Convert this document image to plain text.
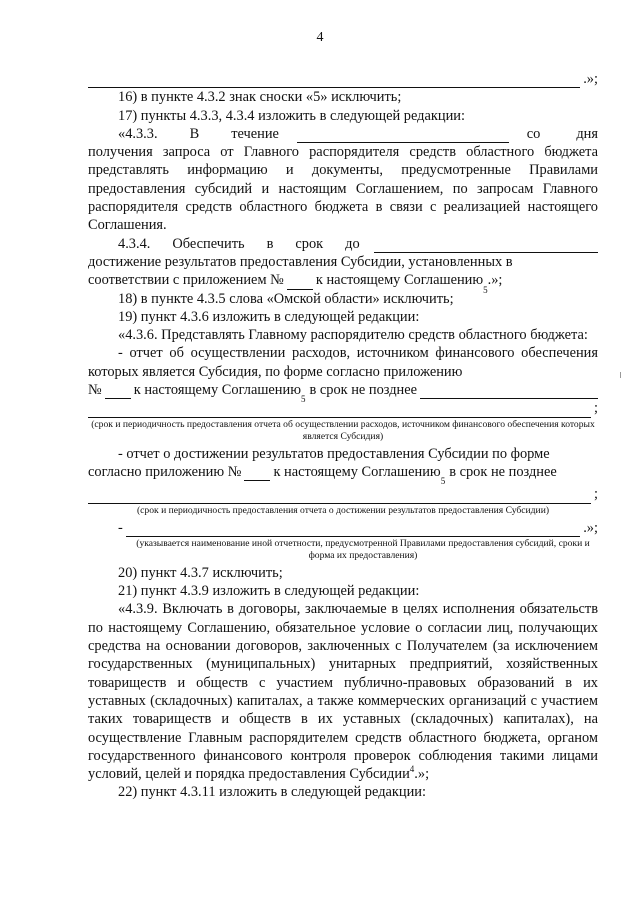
4
.»;

16) в пункте 4.3.2 знак сноски «5» исключить;

17) пункты 4.3.3, 4.3.4 изложить в следующей редакции:

«4.3.3. В течение	со	дня

получения запроса от Главного распорядителя средств областного бюджета представлять информацию и документы, предусмотренные Правилами предоставления субсидий и настоящим Соглашением, по запросам Главного распорядителя средств областного бюджета в связи с реализацией настоящего Соглашения.

4.3.4. Обеспечить в срок до

достижение результатов предоставления Субсидии, установленных в

соответствии с приложением № к настоящему Соглашению
5
.»;

18) в пункте 4.3.5 слова «Омской области» исключить;

19) пункт 4.3.6 изложить в следующей редакции:

«4.3.6. Представлять Главному распорядителю средств областного бюджета:

- отчет об осуществлении расходов, источником финансового обеспечения которых является Субсидия, по форме согласно приложению

№ к настоящему Соглашению
5
в срок не позднее
;
(срок и периодичность предоставления отчета об осуществлении расходов, источником финансового обеспечения которых является Субсидия)

- отчет о достижении результатов предоставления Субсидии по форме

согласно приложению № к настоящему Соглашению
5
в срок не позднее
;
(срок и периодичность предоставления отчета о достижении результатов предоставления Субсидии)
-	.»;
(указывается наименование иной отчетности, предусмотренной Правилами предоставления субсидий, сроки и форма их предоставления)

20) пункт 4.3.7 исключить;

21) пункт 4.3.9 изложить в следующей редакции:

«4.3.9. Включать в договоры, заключаемые в целях исполнения обязательств по настоящему Соглашению, обязательное условие о согласии лиц, получающих средства на основании договоров, заключенных с Получателем (за исключением государственных (муниципальных) унитарных предприятий, хозяйственных товариществ и обществ с участием публично-правовых образований в их уставных (складочных) капиталах, а также коммерческих организаций с участием таких товариществ и обществ в их уставных (складочных) капиталах), на осуществление Главным распорядителем средств областного бюджета, органом государственного финансового контроля проверок соблюдения такими лицами условий, целей и порядка предоставления Субсидии$^4$.»;

22) пункт 4.3.11 изложить в следующей редакции:
